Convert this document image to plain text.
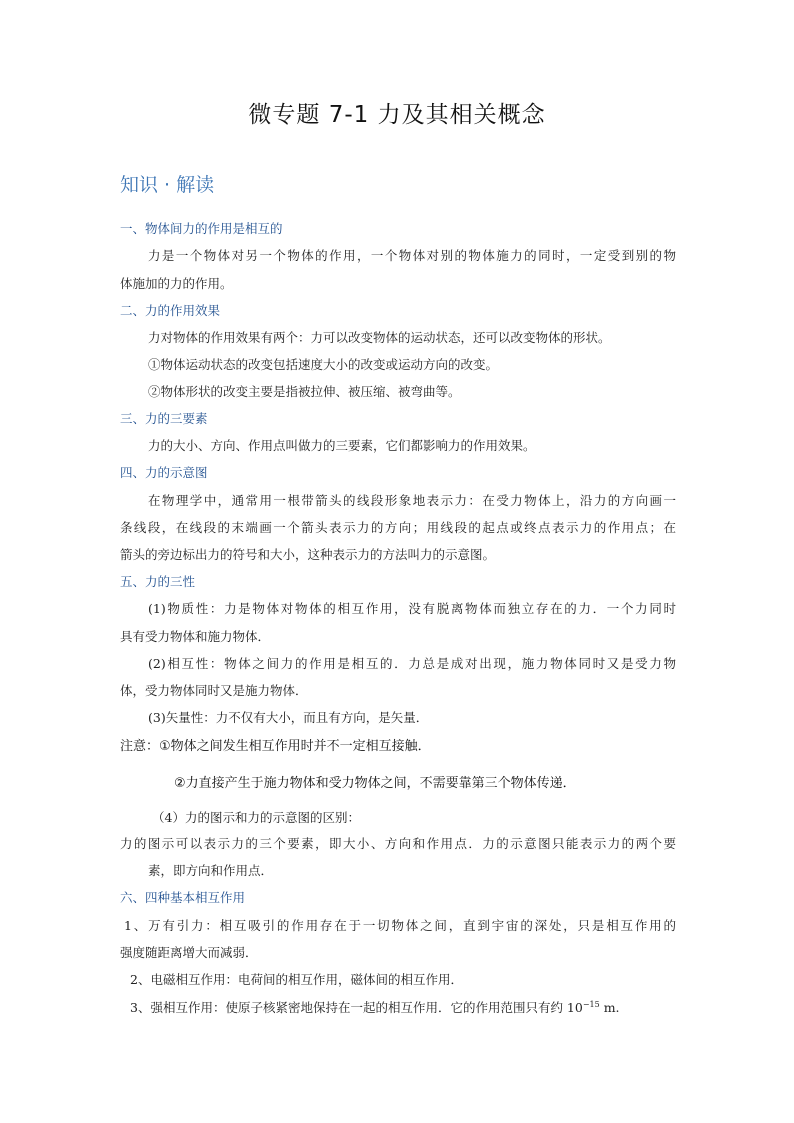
微专题 7-1 力及其相关概念
知识 · 解读
一、物体间力的作用是相互的
力是一个物体对另一个物体的作用，一个物体对别的物体施力的同时，一定受到别的物
体施加的力的作用。
二、力的作用效果
力对物体的作用效果有两个：力可以改变物体的运动状态，还可以改变物体的形状。
①物体运动状态的改变包括速度大小的改变或运动方向的改变。
②物体形状的改变主要是指被拉伸、被压缩、被弯曲等。
三、力的三要素
力的大小、方向、作用点叫做力的三要素，它们都影响力的作用效果。
四、力的示意图
在物理学中，通常用一根带箭头的线段形象地表示力：在受力物体上，沿力的方向画一
条线段，在线段的末端画一个箭头表示力的方向；用线段的起点或终点表示力的作用点；在
箭头的旁边标出力的符号和大小，这种表示力的方法叫力的示意图。
五、力的三性
(1)物质性：力是物体对物体的相互作用，没有脱离物体而独立存在的力．一个力同时
具有受力物体和施力物体．
(2)相互性：物体之间力的作用是相互的．力总是成对出现，施力物体同时又是受力物
体，受力物体同时又是施力物体．
(3)矢量性：力不仅有大小，而且有方向，是矢量．
注意：①物体之间发生相互作用时并不一定相互接触．
②力直接产生于施力物体和受力物体之间，不需要靠第三个物体传递．
（4）力的图示和力的示意图的区别：
力的图示可以表示力的三个要素，即大小、方向和作用点．力的示意图只能表示力的两个要
素，即方向和作用点．
六、四种基本相互作用
1、万有引力：相互吸引的作用存在于一切物体之间，直到宇宙的深处，只是相互作用的
强度随距离增大而减弱．
2、电磁相互作用：电荷间的相互作用，磁体间的相互作用．
3、强相互作用：使原子核紧密地保持在一起的相互作用．它的作用范围只有约 $10^{-15}$ m.
